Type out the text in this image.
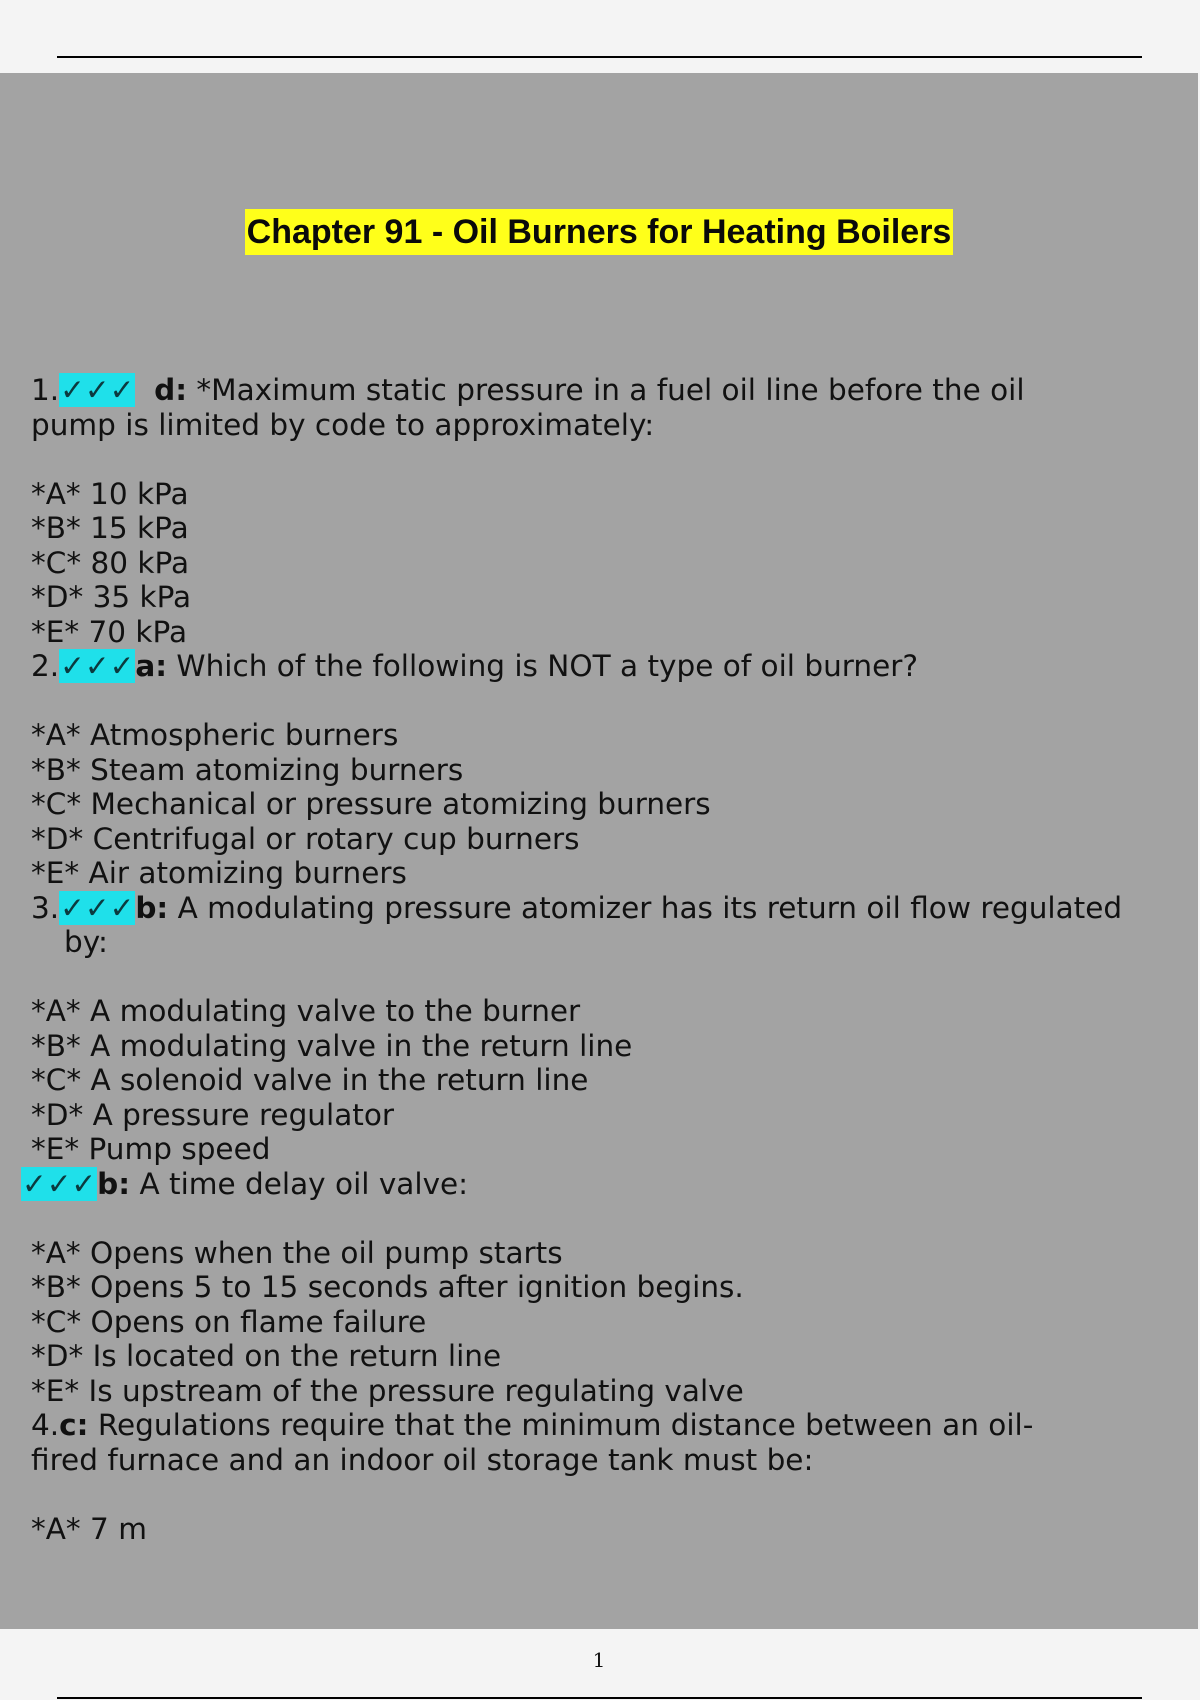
Chapter 91 - Oil Burners for Heating Boilers
1.✓✓✓ d: *Maximum static pressure in a fuel oil line before the oil
pump is limited by code to approximately:
*A* 10 kPa
*B* 15 kPa
*C* 80 kPa
*D* 35 kPa
*E* 70 kPa
2.✓✓✓a: Which of the following is NOT a type of oil burner?
*A* Atmospheric burners
*B* Steam atomizing burners
*C* Mechanical or pressure atomizing burners
*D* Centrifugal or rotary cup burners
*E* Air atomizing burners
3.✓✓✓b: A modulating pressure atomizer has its return oil flow regulated
by:
*A* A modulating valve to the burner
*B* A modulating valve in the return line
*C* A solenoid valve in the return line
*D* A pressure regulator
*E* Pump speed
✓✓✓b: A time delay oil valve:
*A* Opens when the oil pump starts
*B* Opens 5 to 15 seconds after ignition begins.
*C* Opens on flame failure
*D* Is located on the return line
*E* Is upstream of the pressure regulating valve
4.c: Regulations require that the minimum distance between an oil-
fired furnace and an indoor oil storage tank must be:
*A* 7 m
1
